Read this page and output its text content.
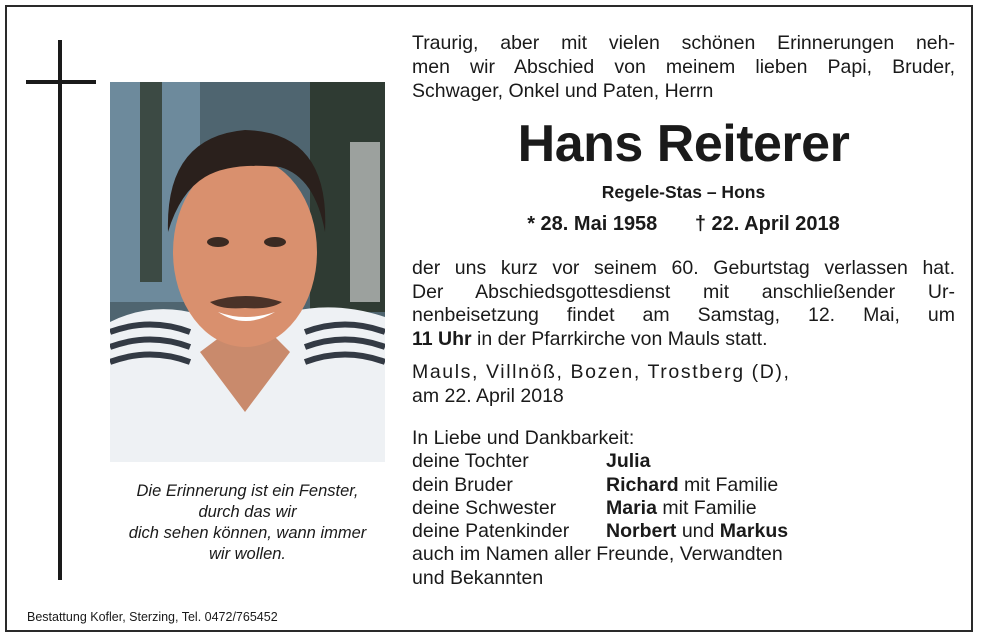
Die Erinnerung ist ein Fenster,
durch das wir
dich sehen können, wann immer
wir wollen.
Bestattung Kofler, Sterzing, Tel. 0472/765452
Traurig, aber mit vielen schönen Erinnerungen neh-
men wir Abschied von meinem lieben Papi, Bruder,
Schwager, Onkel und Paten, Herrn
Hans Reiterer
Regele-Stas – Hons
* 28. Mai 1958 † 22. April 2018
der uns kurz vor seinem 60. Geburtstag verlassen hat.
Der Abschiedsgottesdienst mit anschließender Ur-
nenbeisetzung findet am Samstag, 12. Mai, um
11 Uhr in der Pfarrkirche von Mauls statt.
Mauls, Villnöß, Bozen, Trostberg (D),
am 22. April 2018
In Liebe und Dankbarkeit:
deine Tochter	Julia
dein Bruder	Richard mit Familie
deine Schwester	Maria mit Familie
deine Patenkinder Norbert und Markus
auch im Namen aller Freunde, Verwandten
und Bekannten
